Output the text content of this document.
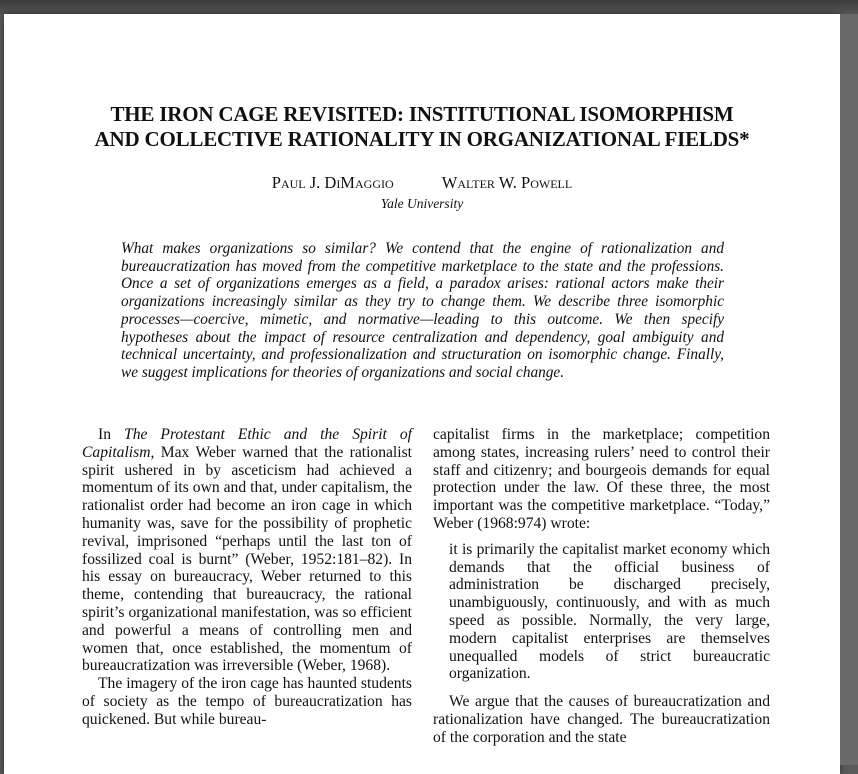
THE IRON CAGE REVISITED: INSTITUTIONAL ISOMORPHISM
AND COLLECTIVE RATIONALITY IN ORGANIZATIONAL FIELDS*
Paul J. DiMaggio	Walter W. Powell
Yale University
What makes organizations so similar? We contend that the engine of rationalization and bureaucratization has moved from the competitive marketplace to the state and the professions. Once a set of organizations emerges as a field, a paradox arises: rational actors make their organizations increasingly similar as they try to change them. We describe three isomorphic processes—coercive, mimetic, and normative—leading to this outcome. We then specify hypotheses about the impact of resource centralization and dependency, goal ambiguity and technical uncertainty, and professionalization and structuration on isomorphic change. Finally, we suggest implications for theories of organizations and social change.

In The Protestant Ethic and the Spirit of Capitalism, Max Weber warned that the rationalist spirit ushered in by asceticism had achieved a momentum of its own and that, under capitalism, the rationalist order had become an iron cage in which humanity was, save for the possibility of prophetic revival, imprisoned “perhaps until the last ton of fossilized coal is burnt” (Weber, 1952:181–82). In his essay on bureaucracy, Weber returned to this theme, contending that bureaucracy, the rational spirit’s organizational manifestation, was so efficient and powerful a means of controlling men and women that, once established, the momentum of bureaucratization was irreversible (Weber, 1968).

The imagery of the iron cage has haunted students of society as the tempo of bureaucratization has quickened. But while bureau-

capitalist firms in the marketplace; competition among states, increasing rulers’ need to control their staff and citizenry; and bourgeois demands for equal protection under the law. Of these three, the most important was the competitive marketplace. “Today,” Weber (1968:974) wrote:

it is primarily the capitalist market economy which demands that the official business of administration be discharged precisely, unambiguously, continuously, and with as much speed as possible. Normally, the very large, modern capitalist enterprises are themselves unequalled models of strict bureaucratic organization.

We argue that the causes of bureaucratization and rationalization have changed. The bureaucratization of the corporation and the state
